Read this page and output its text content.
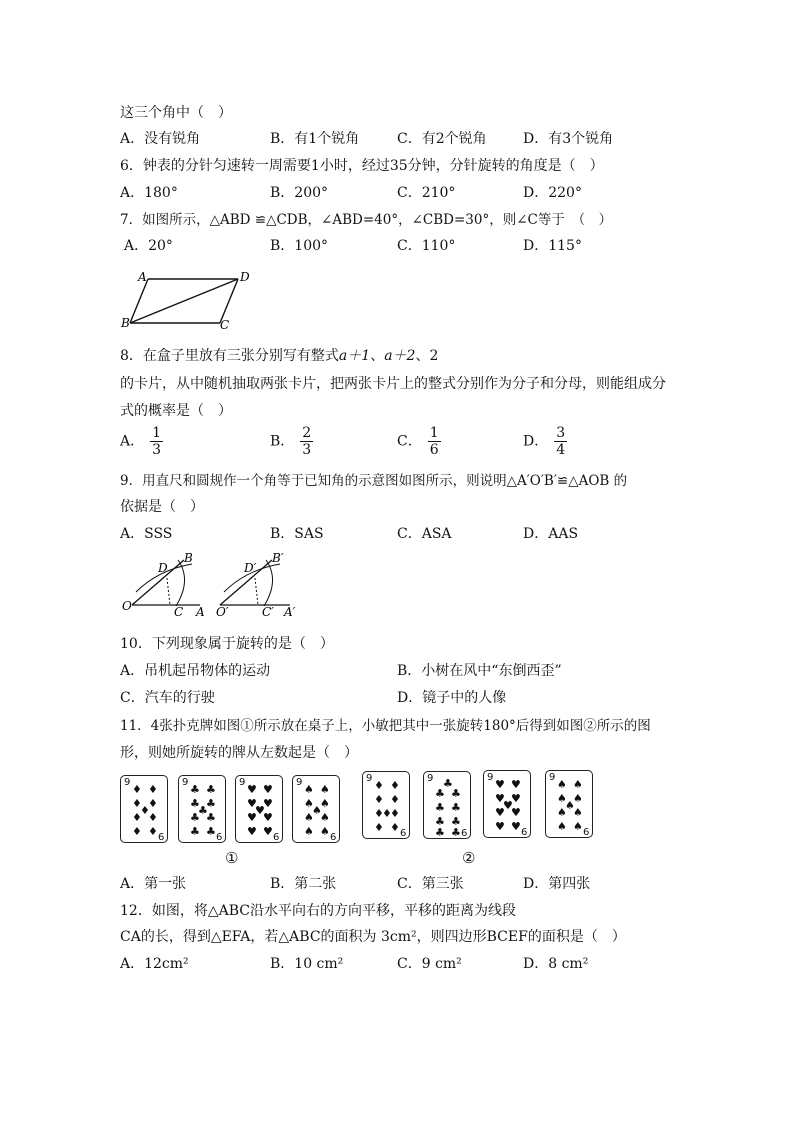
这三个角中（　）
A．没有锐角	B．有1个锐角	C．有2个锐角	D．有3个锐角
6．钟表的分针匀速转一周需要1小时，经过35分钟，分针旋转的角度是（　）
A．180°	B．200°	C．210°	D．220°
7．如图所示，△ABD ≌△CDB，∠ABD=40°，∠CBD=30°，则∠C等于　（　）
A．20°	B．100°	C．110°	D．115°
A	D
B	C
8．在盒子里放有三张分别写有整式a＋1、a＋2、2
的卡片，从中随机抽取两张卡片，把两张卡片上的整式分别作为分子和分母，则能组成分
式的概率是（　）
A． $\frac{1}{3}$	B． $\frac{2}{3}$	C． $\frac{1}{6}$	D． $\frac{3}{4}$
9．用直尺和圆规作一个角等于已知角的示意图如图所示，则说明△A′O′B′≌△AOB 的
依据是（　）
A．SSS	B．SAS	C．ASA	D．AAS
O	C A
D
B
O′	C′ A′
D′
B′
10．下列现象属于旋转的是（　）
A．吊机起吊物体的运动	B．小树在风中“东倒西歪”
C．汽车的行驶	D．镜子中的人像
11．4张扑克牌如图①所示放在桌子上，小敏把其中一张旋转180°后得到如图②所示的图
形，则她所旋转的牌从左数起是（　）
9
♦ ♦
♦ ♦
♦
♦ ♦
♦ ♦ 9
9
♣ ♣
♣ ♣
♣
♣ ♣
♣ ♣ 9
9
♥ ♥
♥ ♥
♥
♥ ♥
♥ ♥ 9
9
♠ ♠
♠ ♠
♠
♠ ♠
♠ ♠ 9
9
♦ ♦
♦ ♦
♦
♦ ♦
♦ ♦ 9
9 ♣
♣ ♣
♣ ♣
♣ ♣
♣ ♣ 9
9
♥ ♥
♥ ♥
♥
♥ ♥
♥ ♥ 9
9
♠ ♠
♠ ♠
♠
♠ ♠
♠ ♠ 9
①	②
A．第一张	B．第二张	C．第三张	D．第四张
12．如图，将△ABC沿水平向右的方向平移，平移的距离为线段
CA的长，得到△EFA，若△ABC的面积为 3cm²，则四边形BCEF的面积是（　）
A．12cm²	B．10 cm²	C．9 cm²	D．8 cm²
